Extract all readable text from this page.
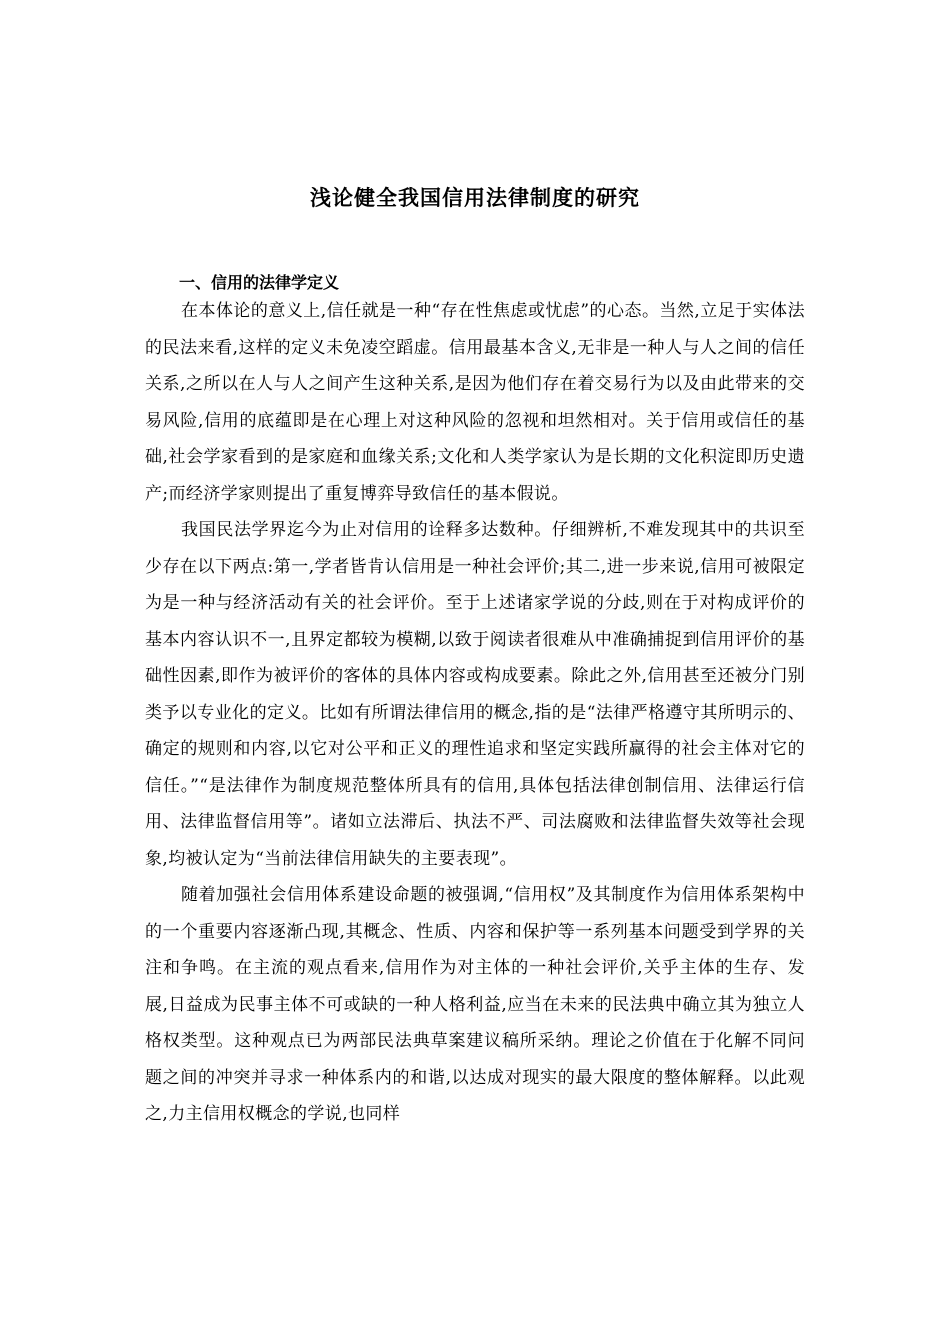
浅论健全我国信用法律制度的研究
一、信用的法律学定义

在本体论的意义上,信任就是一种“存在性焦虑或忧虑”的心态。当然,立足于实体法的民法来看,这样的定义未免凌空蹈虚。信用最基本含义,无非是一种人与人之间的信任关系,之所以在人与人之间产生这种关系,是因为他们存在着交易行为以及由此带来的交易风险,信用的底蕴即是在心理上对这种风险的忽视和坦然相对。关于信用或信任的基础,社会学家看到的是家庭和血缘关系;文化和人类学家认为是长期的文化积淀即历史遗产;而经济学家则提出了重复博弈导致信任的基本假说。

我国民法学界迄今为止对信用的诠释多达数种。仔细辨析,不难发现其中的共识至少存在以下两点:第一,学者皆肯认信用是一种社会评价;其二,进一步来说,信用可被限定为是一种与经济活动有关的社会评价。至于上述诸家学说的分歧,则在于对构成评价的基本内容认识不一,且界定都较为模糊,以致于阅读者很难从中准确捕捉到信用评价的基础性因素,即作为被评价的客体的具体内容或构成要素。除此之外,信用甚至还被分门别类予以专业化的定义。比如有所谓法律信用的概念,指的是“法律严格遵守其所明示的、确定的规则和内容,以它对公平和正义的理性追求和坚定实践所赢得的社会主体对它的信任。”“是法律作为制度规范整体所具有的信用,具体包括法律创制信用、法律运行信用、法律监督信用等”。诸如立法滞后、执法不严、司法腐败和法律监督失效等社会现象,均被认定为“当前法律信用缺失的主要表现”。

随着加强社会信用体系建设命题的被强调,“信用权”及其制度作为信用体系架构中的一个重要内容逐渐凸现,其概念、性质、内容和保护等一系列基本问题受到学界的关注和争鸣。在主流的观点看来,信用作为对主体的一种社会评价,关乎主体的生存、发展,日益成为民事主体不可或缺的一种人格利益,应当在未来的民法典中确立其为独立人格权类型。这种观点已为两部民法典草案建议稿所采纳。理论之价值在于化解不同问题之间的冲突并寻求一种体系内的和谐,以达成对现实的最大限度的整体解释。以此观之,力主信用权概念的学说,也同样
